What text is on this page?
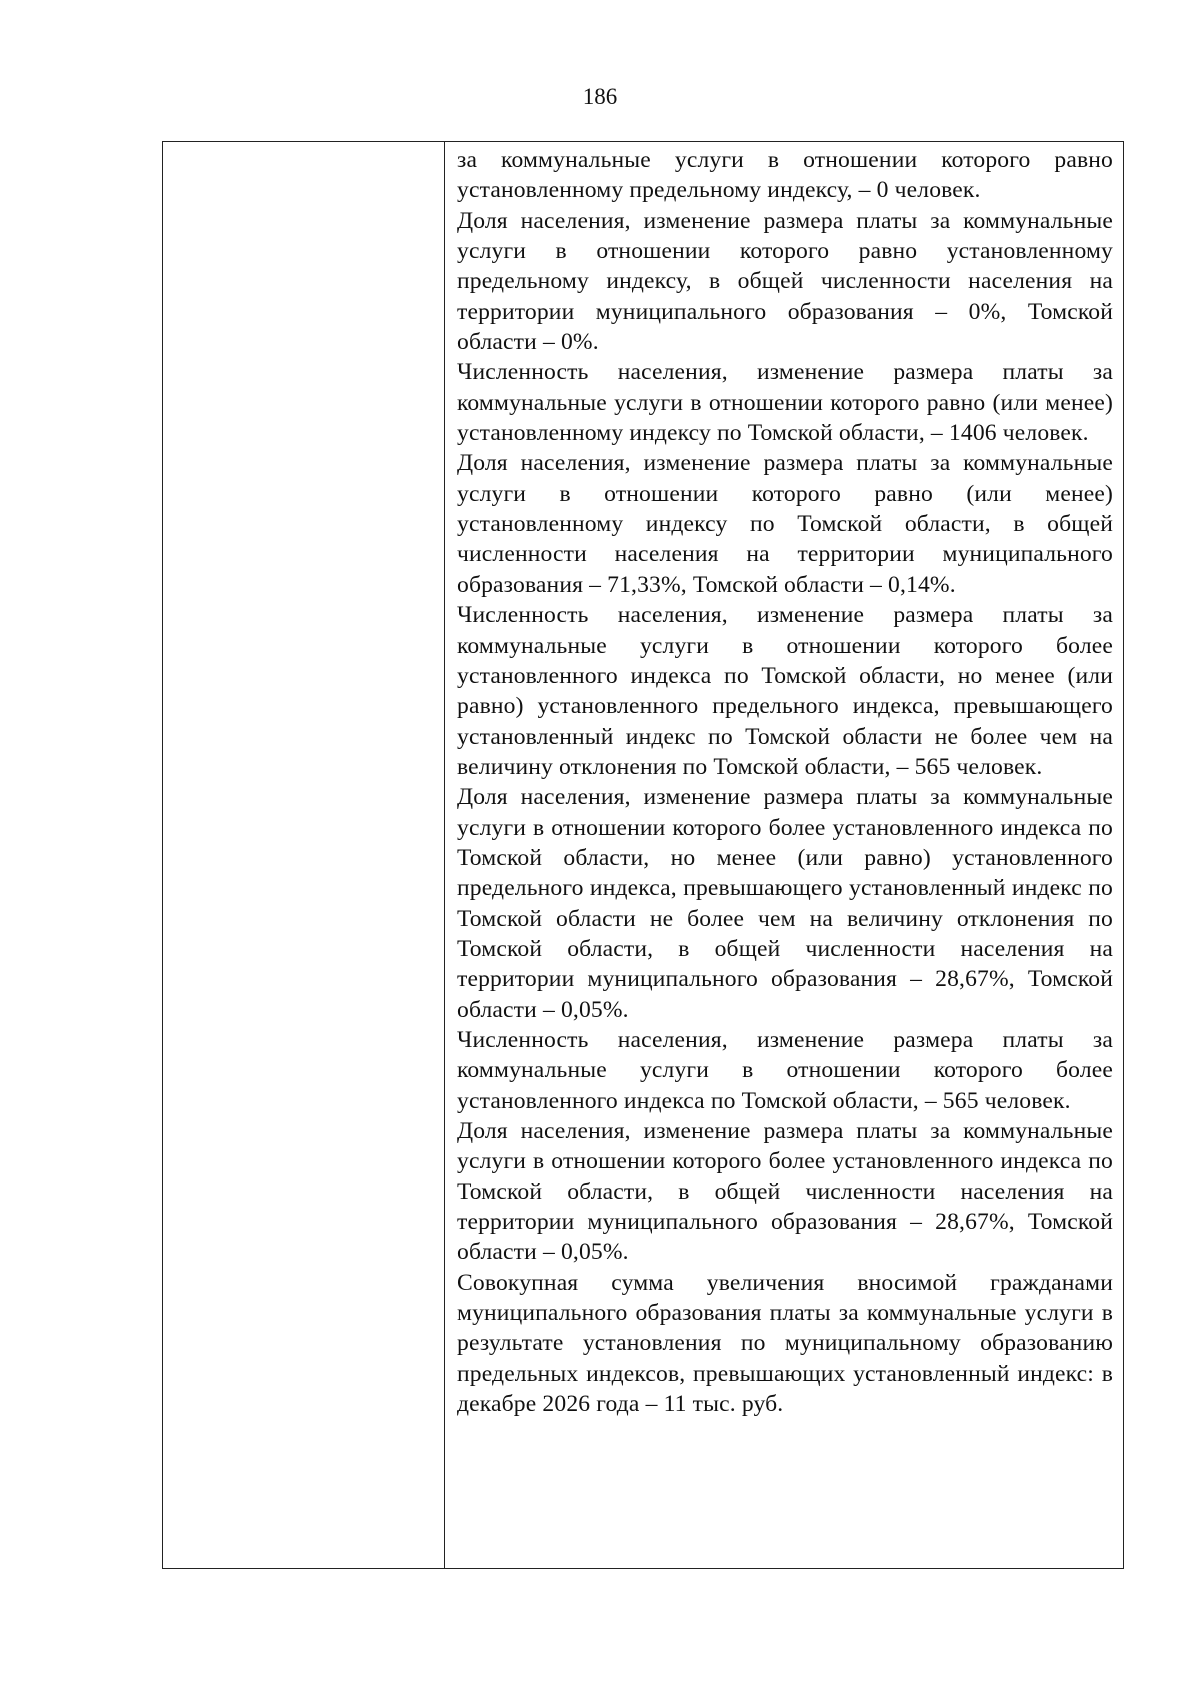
186

за коммунальные услуги в отношении которого равно установленному предельному индексу, – 0 человек.

Доля населения, изменение размера платы за коммунальные услуги в отношении которого равно установленному предельному индексу, в общей численности населения на территории муниципального образования – 0%, Томской области – 0%.

Численность населения, изменение размера платы за коммунальные услуги в отношении которого равно (или менее) установленному индексу по Томской области, – 1406 человек.

Доля населения, изменение размера платы за коммунальные услуги в отношении которого равно (или менее) установленному индексу по Томской области, в общей численности населения на территории муниципального образования – 71,33%, Томской области – 0,14%.

Численность населения, изменение размера платы за коммунальные услуги в отношении которого более установленного индекса по Томской области, но менее (или равно) установленного предельного индекса, превышающего установленный индекс по Томской области не более чем на величину отклонения по Томской области, – 565 человек.

Доля населения, изменение размера платы за коммунальные услуги в отношении которого более установленного индекса по Томской области, но менее (или равно) установленного предельного индекса, превышающего установленный индекс по Томской области не более чем на величину отклонения по Томской области, в общей численности населения на территории муниципального образования – 28,67%, Томской области – 0,05%.

Численность населения, изменение размера платы за коммунальные услуги в отношении которого более установленного индекса по Томской области, – 565 человек.

Доля населения, изменение размера платы за коммунальные услуги в отношении которого более установленного индекса по Томской области, в общей численности населения на территории муниципального образования – 28,67%, Томской области – 0,05%.

Совокупная сумма увеличения вносимой гражданами муниципального образования платы за коммунальные услуги в результате установления по муниципальному образованию предельных индексов, превышающих установленный индекс: в декабре 2026 года – 11 тыс. руб.
